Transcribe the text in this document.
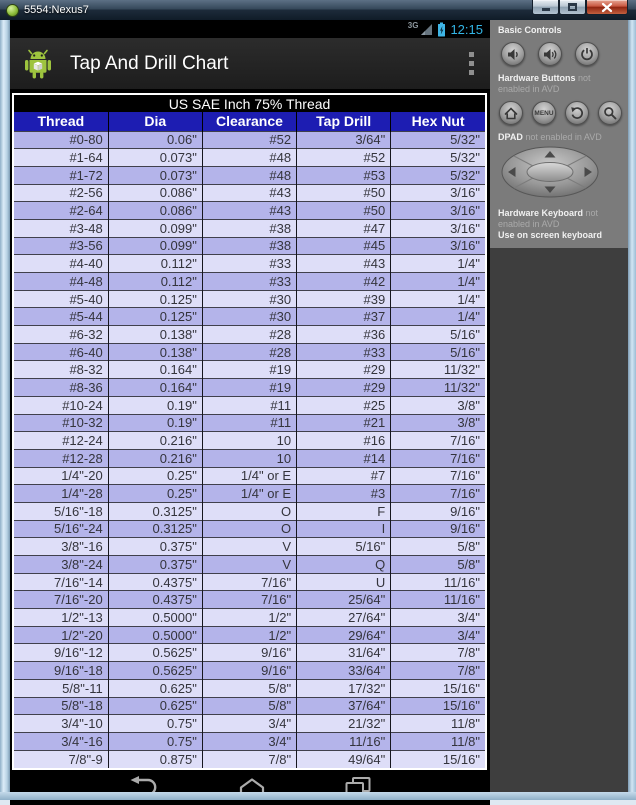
5554:Nexus7
3G 12:15
Tap And Drill Chart
US SAE Inch 75% Thread				
Thread	Dia	Clearance	Tap Drill	Hex Nut
#0-80	0.06"	#52	3/64"	5/32"
#1-64	0.073"	#48	#52	5/32"
#1-72	0.073"	#48	#53	5/32"
#2-56	0.086"	#43	#50	3/16"
#2-64	0.086"	#43	#50	3/16"
#3-48	0.099"	#38	#47	3/16"
#3-56	0.099"	#38	#45	3/16"
#4-40	0.112"	#33	#43	1/4"
#4-48	0.112"	#33	#42	1/4"
#5-40	0.125"	#30	#39	1/4"
#5-44	0.125"	#30	#37	1/4"
#6-32	0.138"	#28	#36	5/16"
#6-40	0.138"	#28	#33	5/16"
#8-32	0.164"	#19	#29	11/32"
#8-36	0.164"	#19	#29	11/32"
#10-24	0.19"	#11	#25	3/8"
#10-32	0.19"	#11	#21	3/8"
#12-24	0.216"	10	#16	7/16"
#12-28	0.216"	10	#14	7/16"
1/4"-20	0.25"	1/4" or E	#7	7/16"
1/4"-28	0.25"	1/4" or E	#3	7/16"
5/16"-18	0.3125"	O	F	9/16"
5/16"-24	0.3125"	O	I	9/16"
3/8"-16	0.375"	V	5/16"	5/8"
3/8"-24	0.375"	V	Q	5/8"
7/16"-14	0.4375"	7/16"	U	11/16"
7/16"-20	0.4375"	7/16"	25/64"	11/16"
1/2"-13	0.5000"	1/2"	27/64"	3/4"
1/2"-20	0.5000"	1/2"	29/64"	3/4"
9/16"-12	0.5625"	9/16"	31/64"	7/8"
9/16"-18	0.5625"	9/16"	33/64"	7/8"
5/8"-11	0.625"	5/8"	17/32"	15/16"
5/8"-18	0.625"	5/8"	37/64"	15/16"
3/4"-10	0.75"	3/4"	21/32"	11/8"
3/4"-16	0.75"	3/4"	11/16"	11/8"
7/8"-9	0.875"	7/8"	49/64"	15/16"
Basic Controls
Hardware Buttons not enabled in AVD
MENU
DPAD not enabled in AVD
Hardware Keyboard not enabled in AVD
Use on screen keyboard
